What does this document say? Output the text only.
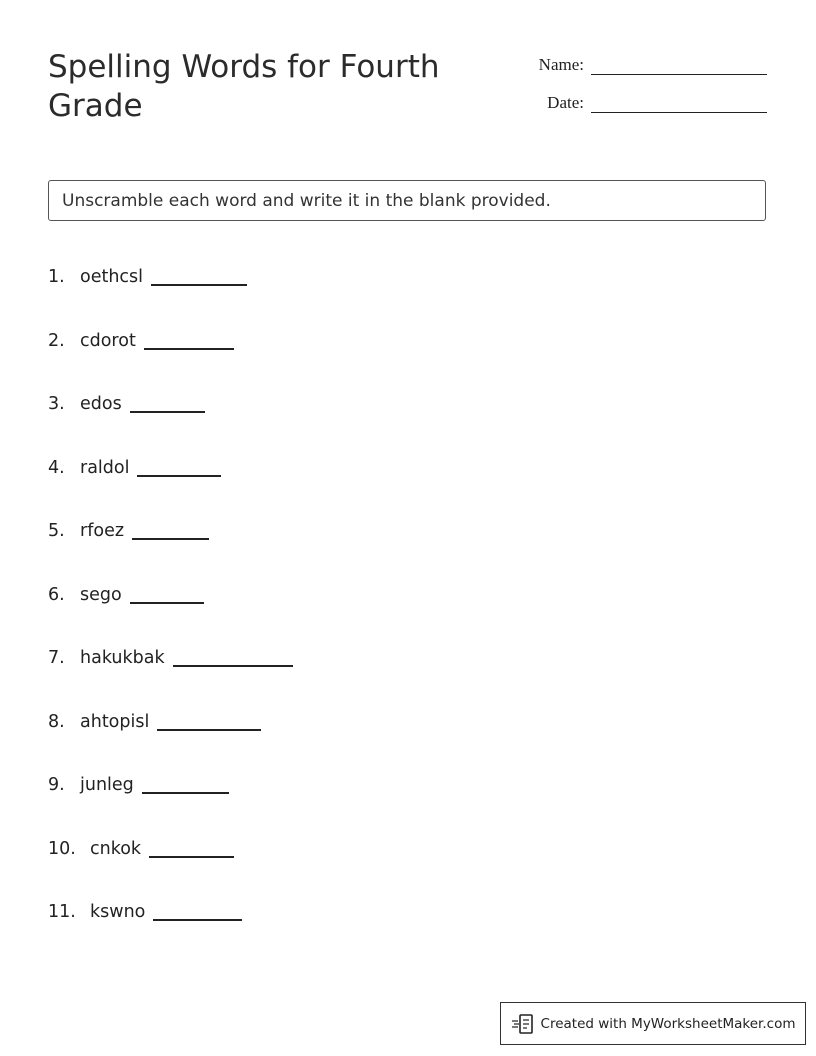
Spelling Words for Fourth Grade
Name:
Date:
Unscramble each word and write it in the blank provided.
1. oethcsl
2. cdorot
3. edos
4. raldol
5. rfoez
6. sego
7. hakukbak
8. ahtopisl
9. junleg
10. cnkok
11. kswno
Created with MyWorksheetMaker.com
